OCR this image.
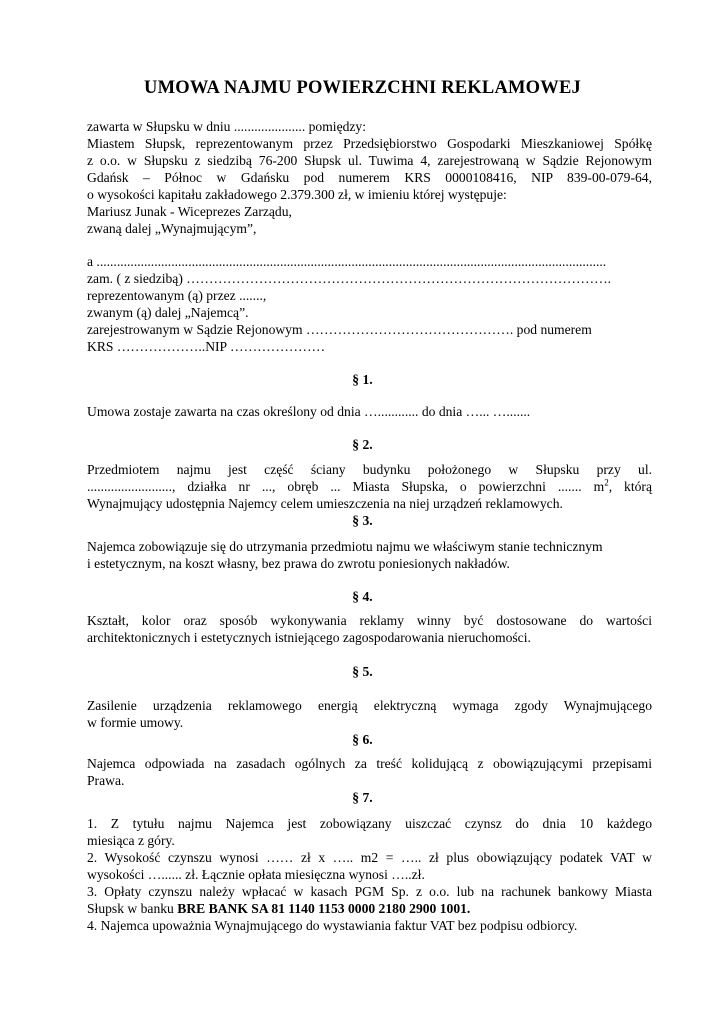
UMOWA NAJMU POWIERZCHNI REKLAMOWEJ
zawarta w Słupsku w dniu ..................... pomiędzy:
Miastem Słupsk, reprezentowanym przez Przedsiębiorstwo Gospodarki Mieszkaniowej Spółkę
z o.o. w Słupsku z siedzibą 76-200 Słupsk ul. Tuwima 4, zarejestrowaną w Sądzie Rejonowym
Gdańsk – Północ w Gdańsku pod numerem KRS 0000108416, NIP 839-00-079-64,
o wysokości kapitału zakładowego 2.379.300 zł, w imieniu której występuje:
Mariusz Junak - Wiceprezes Zarządu,
zwaną dalej „Wynajmującym”,
a ......................................................................................................................................................
zam. ( z siedzibą) ………………………………………………………………………………….
reprezentowanym (ą) przez .......,
zwanym (ą) dalej „Najemcą”.
zarejestrowanym w Sądzie Rejonowym ………………………………………. pod numerem
KRS ………………..NIP …………………
§ 1.
Umowa zostaje zawarta na czas określony od dnia …............ do dnia …... ….......
§ 2.
Przedmiotem najmu jest część ściany budynku położonego w Słupsku przy ul.
........................., działka nr ..., obręb ... Miasta Słupska, o powierzchni ....... $m^2$, którą
Wynajmujący udostępnia Najemcy celem umieszczenia na niej urządzeń reklamowych.
§ 3.
Najemca zobowiązuje się do utrzymania przedmiotu najmu we właściwym stanie technicznym
i estetycznym, na koszt własny, bez prawa do zwrotu poniesionych nakładów.
§ 4.
Kształt, kolor oraz sposób wykonywania reklamy winny być dostosowane do wartości
architektonicznych i estetycznych istniejącego zagospodarowania nieruchomości.
§ 5.
Zasilenie urządzenia reklamowego energią elektryczną wymaga zgody Wynajmującego
w formie umowy.
§ 6.
Najemca odpowiada na zasadach ogólnych za treść kolidującą z obowiązującymi przepisami
Prawa.
§ 7.
1. Z tytułu najmu Najemca jest zobowiązany uiszczać czynsz do dnia 10 każdego
miesiąca z góry.
2. Wysokość czynszu wynosi …… zł x ….. m2 = ….. zł plus obowiązujący podatek VAT w
wysokości …...... zł. Łącznie opłata miesięczna wynosi …..zł.
3. Opłaty czynszu należy wpłacać w kasach PGM Sp. z o.o. lub na rachunek bankowy Miasta
Słupsk w banku BRE BANK SA 81 1140 1153 0000 2180 2900 1001.
4. Najemca upoważnia Wynajmującego do wystawiania faktur VAT bez podpisu odbiorcy.
